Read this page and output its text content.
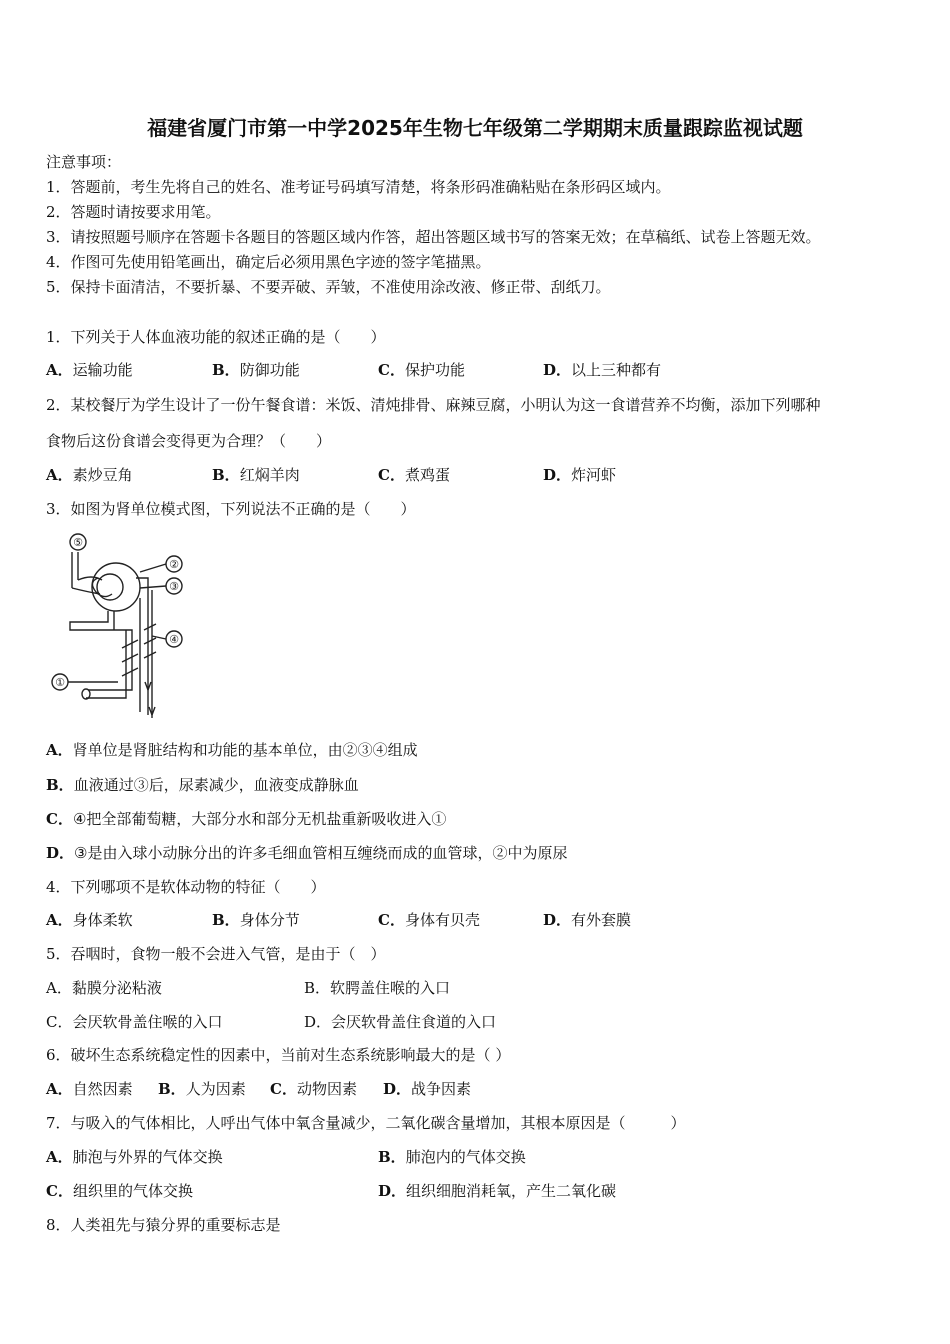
福建省厦门市第一中学2025年生物七年级第二学期期末质量跟踪监视试题
注意事项：
1．答题前，考生先将自己的姓名、准考证号码填写清楚，将条形码准确粘贴在条形码区域内。
2．答题时请按要求用笔。
3．请按照题号顺序在答题卡各题目的答题区域内作答，超出答题区域书写的答案无效；在草稿纸、试卷上答题无效。
4．作图可先使用铅笔画出，确定后必须用黑色字迹的签字笔描黑。
5．保持卡面清洁，不要折暴、不要弄破、弄皱，不准使用涂改液、修正带、刮纸刀。
1．下列关于人体血液功能的叙述正确的是（　　）
A．运输功能	B．防御功能	C．保护功能	D．以上三种都有
2．某校餐厅为学生设计了一份午餐食谱：米饭、清炖排骨、麻辣豆腐，小明认为这一食谱营养不均衡，添加下列哪种
食物后这份食谱会变得更为合理？（　　）
A．素炒豆角	B．红焖羊肉	C．煮鸡蛋	D．炸河虾
3．如图为肾单位模式图，下列说法不正确的是（　　）
⑤
②
③
④
①
A．肾单位是肾脏结构和功能的基本单位，由②③④组成
B．血液通过③后，尿素减少，血液变成静脉血
C．④把全部葡萄糖，大部分水和部分无机盐重新吸收进入①
D．③是由入球小动脉分出的许多毛细血管相互缠绕而成的血管球，②中为原尿
4．下列哪项不是软体动物的特征（　　）
A．身体柔软	B．身体分节	C．身体有贝壳	D．有外套膜
5．吞咽时，食物一般不会进入气管，是由于（　）
A．黏膜分泌粘液	B．软腭盖住喉的入口
C．会厌软骨盖住喉的入口	D．会厌软骨盖住食道的入口
6．破坏生态系统稳定性的因素中，当前对生态系统影响最大的是（ ）
A．自然因素 B．人为因素 C．动物因素 D．战争因素
7．与吸入的气体相比，人呼出气体中氧含量减少，二氧化碳含量增加，其根本原因是（　　　）
A．肺泡与外界的气体交换	B．肺泡内的气体交换
C．组织里的气体交换	D．组织细胞消耗氧，产生二氧化碳
8．人类祖先与猿分界的重要标志是
